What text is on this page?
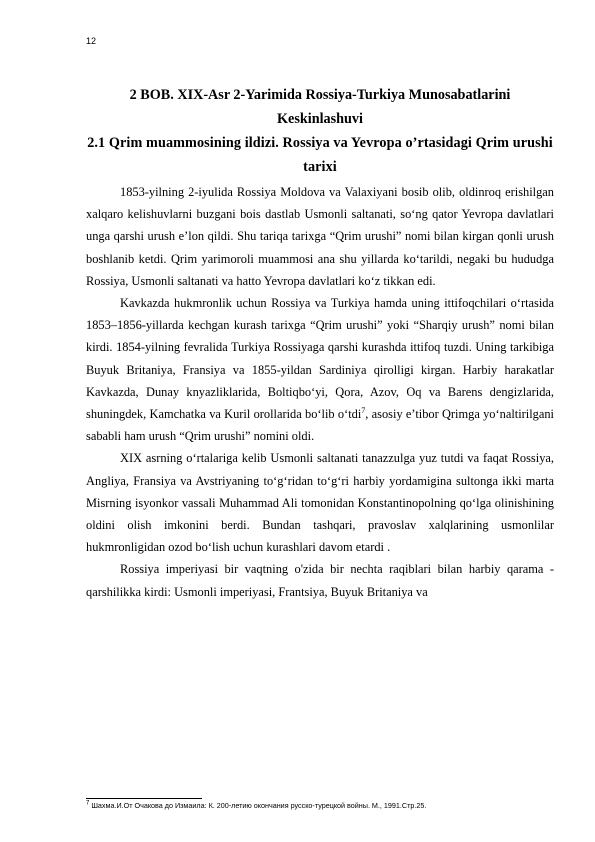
12
2 BOB. XIX-Asr 2-Yarimida Rossiya-Turkiya Munosabatlarini Keskinlashuvi
2.1 Qrim muammosining ildizi. Rossiya va Yevropa o’rtasidagi Qrim urushi tarixi

1853-yilning 2-iyulida Rossiya Moldova va Valaxiyani bosib olib, oldinroq erishilgan xalqaro kelishuvlarni buzgani bois dastlab Usmonli saltanati, so‘ng qator Yevropa davlatlari unga qarshi urush e’lon qildi. Shu tariqa tarixga “Qrim urushi” nomi bilan kirgan qonli urush boshlanib ketdi. Qrim yarimoroli muammosi ana shu yillarda ko‘tarildi, negaki bu hududga Rossiya, Usmonli saltanati va hatto Yevropa davlatlari ko‘z tikkan edi.

Kavkazda hukmronlik uchun Rossiya va Turkiya hamda uning ittifoqchilari o‘rtasida 1853–1856-yillarda kechgan kurash tarixga “Qrim urushi” yoki “Sharqiy urush” nomi bilan kirdi. 1854-yilning fevralida Turkiya Rossiyaga qarshi kurashda ittifoq tuzdi. Uning tarkibiga Buyuk Britaniya, Fransiya va 1855-yildan Sardiniya qirolligi kirgan. Harbiy harakatlar Kavkazda, Dunay knyazliklarida, Boltiqbo‘yi, Qora, Azov, Oq va Barens dengizlarida, shuningdek, Kamchatka va Kuril orollarida bo‘lib o‘tdi$^7$, asosiy e’tibor Qrimga yo‘naltirilgani sababli ham urush “Qrim urushi” nomini oldi.

XIX asrning o‘rtalariga kelib Usmonli saltanati tanazzulga yuz tutdi va faqat Rossiya, Angliya, Fransiya va Avstriyaning to‘g‘ridan to‘g‘ri harbiy yordamigina sultonga ikki marta Misrning isyonkor vassali Muhammad Ali tomonidan Konstantinopolning qo‘lga olinishining oldini olish imkonini berdi. Bundan tashqari, pravoslav xalqlarining usmonlilar hukmronligidan ozod bo‘lish uchun kurashlari davom etardi .

Rossiya imperiyasi bir vaqtning o'zida bir nechta raqiblari bilan harbiy qarama -qarshilikka kirdi: Usmonli imperiyasi, Frantsiya, Buyuk Britaniya va

$^7$ Шахма.И.От Очакова до Измаила: К. 200-летию окончания русско-турецкой войны. М., 1991.Стр.25.
